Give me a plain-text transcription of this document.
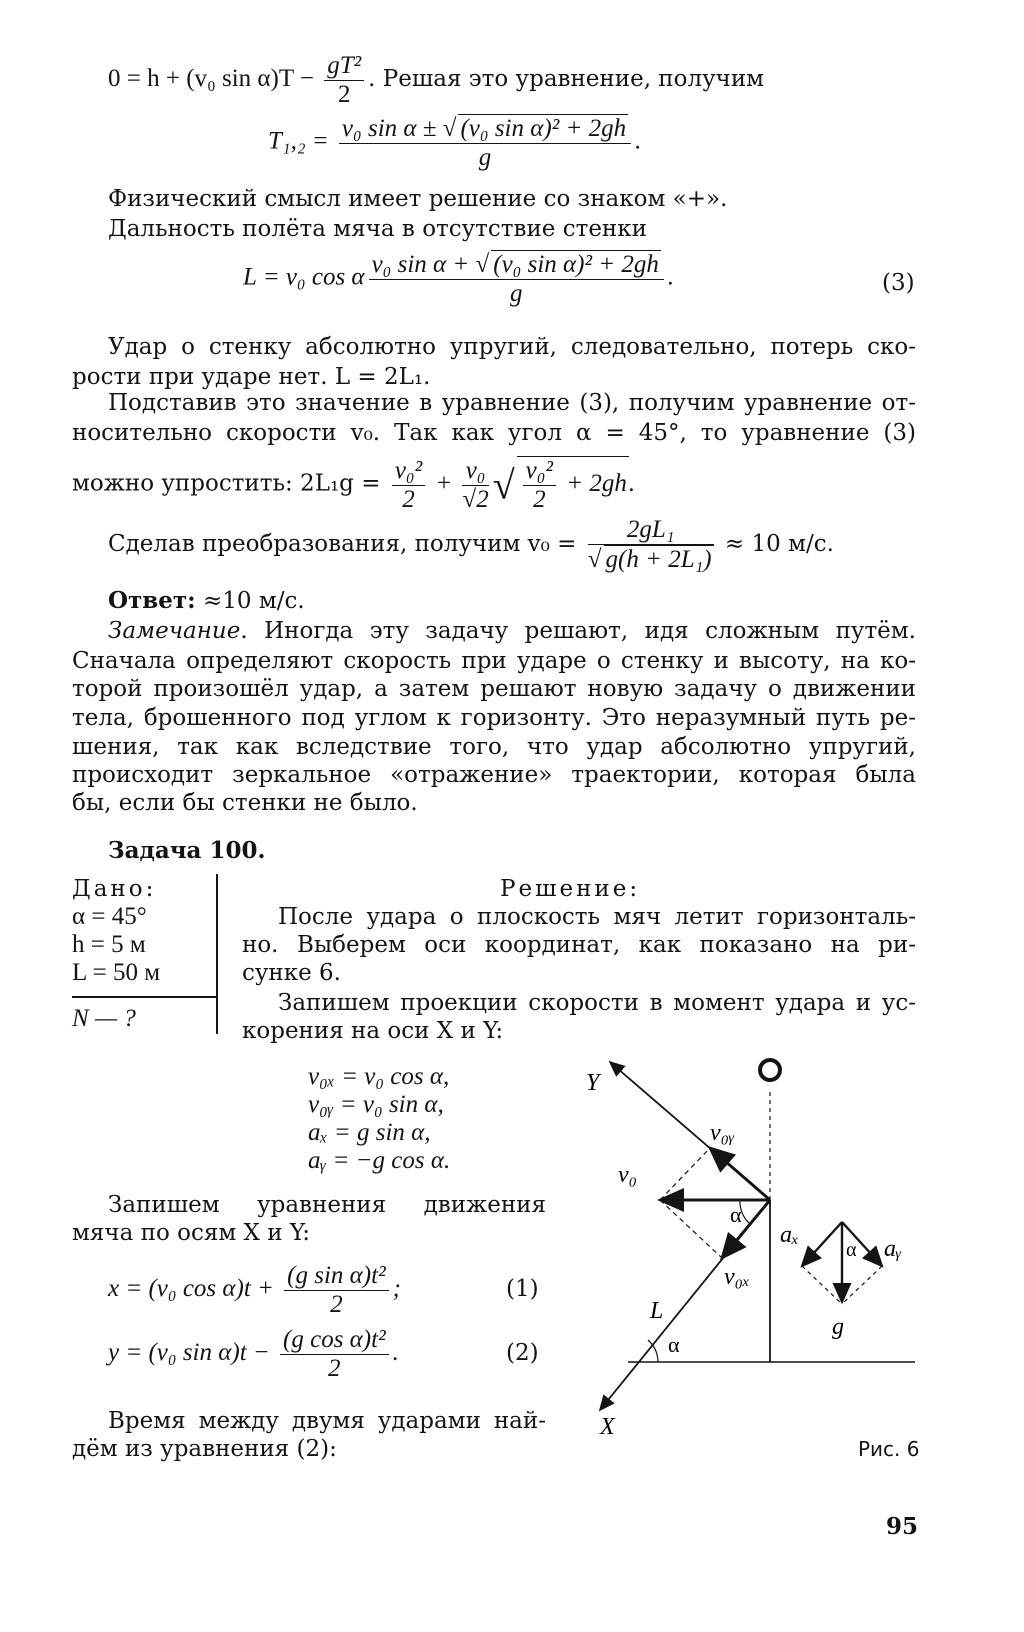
0 = h + (v₀ $\sin \alpha)T - \frac{\text{gT²}}{2}$ . Решая это уравнение, получим
$T_1,_2 = \frac{\text{v₀ sin α ± √ (v₀ sin α)² + 2gh}}{g}$ .
Физический смысл имеет решение со знаком «+».
Дальность полёта мяча в отсутствие стенки
L = v₀ cos α $\frac{\text{v₀ sin α + √ (v₀ sin α)² + 2gh}}{g}$ .	(3)
Удар о стенку абсолютно упругий, следовательно, потерь ско-
рости при ударе нет. L = 2L₁.
Подставив это значение в уравнение (3), получим уравнение от-
носительно скорости v₀. Так как угол α = 45°, то уравнение (3)
можно упростить: $2L_1g = \frac{\text{v₀²}}{2} + \frac{\text{v₀}}{√2}$ √ $\frac{\text{v₀²}}{2} + 2gh$.
Сделав преобразования, получим $v_0 = \frac{\text{2gL₁}}{\text{√ g(h + 2L₁)}} \approx 10$ м/с.
Ответ: ≈10 м/с.
Замечание. Иногда эту задачу решают, идя сложным путём.
Сначала определяют скорость при ударе о стенку и высоту, на ко-
торой произошёл удар, а затем решают новую задачу о движении
тела, брошенного под углом к горизонту. Это неразумный путь ре-
шения, так как вследствие того, что удар абсолютно упругий,
происходит зеркальное «отражение» траектории, которая была
бы, если бы стенки не было.
Задача 100.
Дано:
α = 45°
h = 5 м
L = 50 м
N — ?
Решение:
После удара о плоскость мяч летит горизонталь-
но. Выберем оси координат, как показано на ри-
сунке 6.
Запишем проекции скорости в момент удара и ус-
корения на оси X и Y:
v₀ₓ = v₀ cos α,
v₀ᵧ = v₀ sin α,
aₓ = g sin α,
aᵧ = −g cos α.
Запишем уравнения движения
мяча по осям X и Y:
x = (v₀ $\cos \alpha)t + \frac{\text{(g sin α)t²}}{2}$ ;	(1)
y = (v₀ $\sin \alpha)t - \frac{\text{(g cos α)t²}}{2}$ .	(2)
Время между двумя ударами най-
дём из уравнения (2):
Y
X
L
α
α
α
v₀
v₀ᵧ
v₀ₓ
aₓ
aᵧ
g
Рис. 6
95
